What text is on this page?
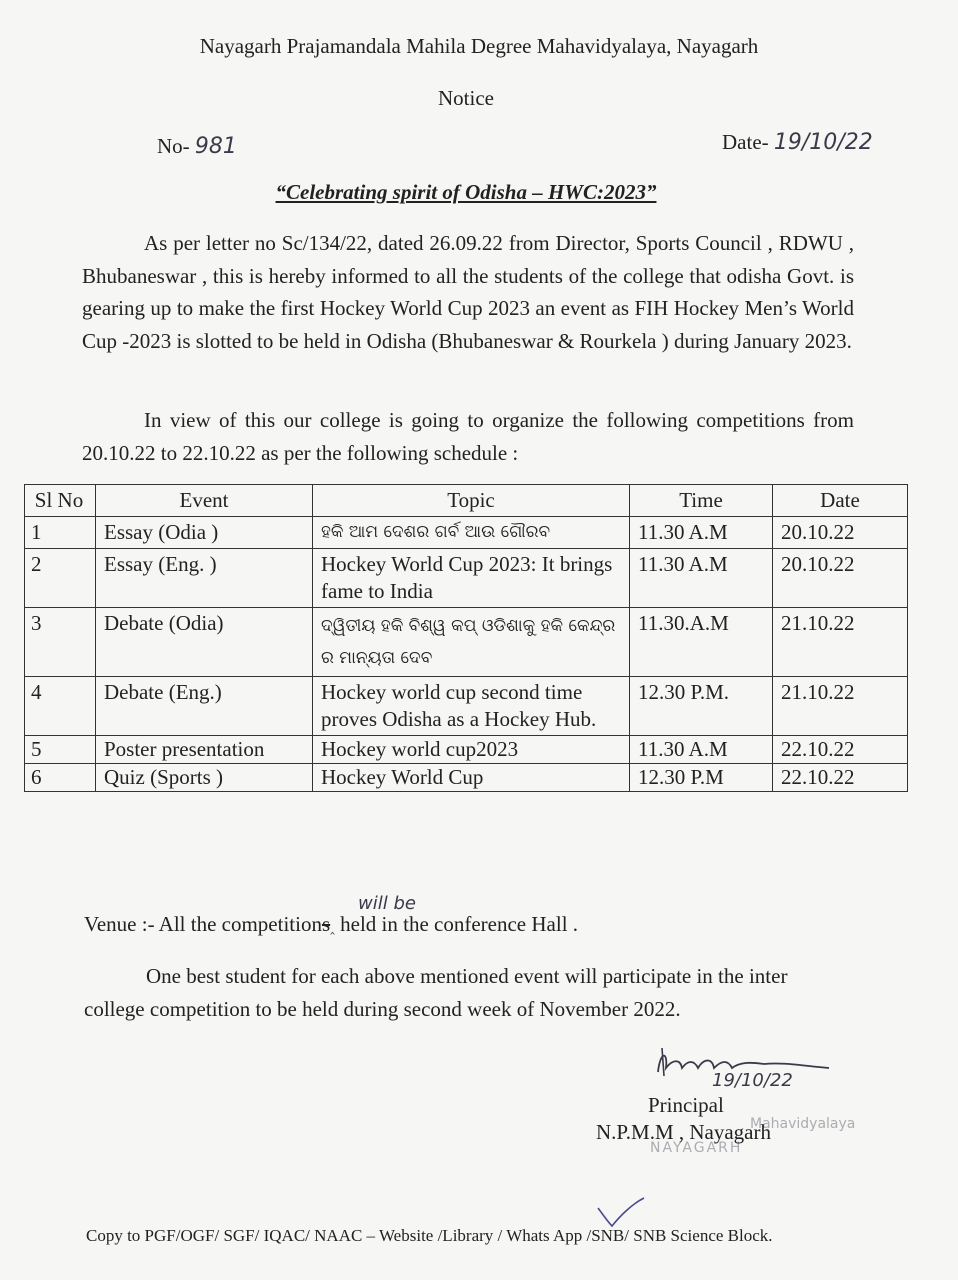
Nayagarh Prajamandala Mahila Degree Mahavidyalaya, Nayagarh
Notice
No- 981	Date- 19/10/22
“Celebrating spirit of Odisha – HWC:2023”
As per letter no Sc/134/22, dated 26.09.22 from Director, Sports Council , RDWU , Bhubaneswar , this is hereby informed to all the students of the college that odisha Govt. is gearing up to make the first Hockey World Cup 2023 an event as FIH Hockey Men’s World Cup -2023 is slotted to be held in Odisha (Bhubaneswar & Rourkela ) during January 2023.
In view of this our college is going to organize the following competitions from 20.10.22 to 22.10.22 as per the following schedule :
Sl No	Event	Topic	Time	Date
1	Essay (Odia )	ହକି ଆମ ଦେଶର ଗର୍ବ ଆଉ ଗୌରବ	11.30 A.M	20.10.22
2	Essay (Eng. )	Hockey World Cup 2023: It brings fame to India	11.30 A.M	20.10.22
3	Debate (Odia)	ଦ୍ୱିତୀୟ ହକି ବିଶ୍ୱ କପ୍ ଓଡିଶାକୁ ହକି କେନ୍ଦ୍ର ର ମାନ୍ୟତା ଦେବ	11.30.A.M	21.10.22
4	Debate (Eng.)	Hockey world cup second time proves Odisha as a Hockey Hub.	12.30 P.M.	21.10.22
5	Poster presentation	Hockey world cup2023	11.30 A.M	22.10.22
6	Quiz (Sports )	Hockey World Cup	12.30 P.M	22.10.22
will be
Venue :- All the competitions‸ held in the conference Hall .
One best student for each above mentioned event will participate in the inter college competition to be held during second week of November 2022.
19/10/22
Mahavidyalaya
NAYAGARH
Principal
N.P.M.M , Nayagarh
Copy to PGF/OGF/ SGF/ IQAC/ NAAC – Website /Library / Whats App /SNB/ SNB Science Block.
